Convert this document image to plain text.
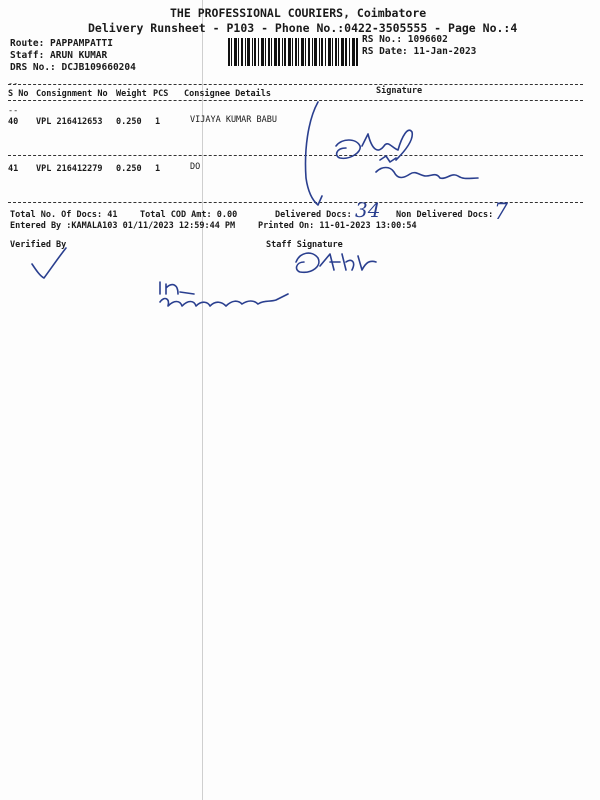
THE PROFESSIONAL COURIERS, Coimbatore
Delivery Runsheet - P103 - Phone No.:0422-3505555 - Page No.:4
Route: PAPPAMPATTI
Staff: ARUN KUMAR
DRS No.: DCJB109660204
RS No.: 1096602
RS Date: 11-Jan-2023
--
S No Consignment No Weight PCS Consignee Details	Signature
--
40 VPL 216412653 0.250 1	VIJAYA KUMAR BABU
41 VPL 216412279 0.250 1	DO
Total No. Of Docs: 41	Total COD Amt: 0.00	Delivered Docs:	Non Delivered Docs:
Entered By :KAMALA103 01/11/2023 12:59:44 PM	Printed On: 11-01-2023 13:00:54
Verified By	Staff Signature
34	7
